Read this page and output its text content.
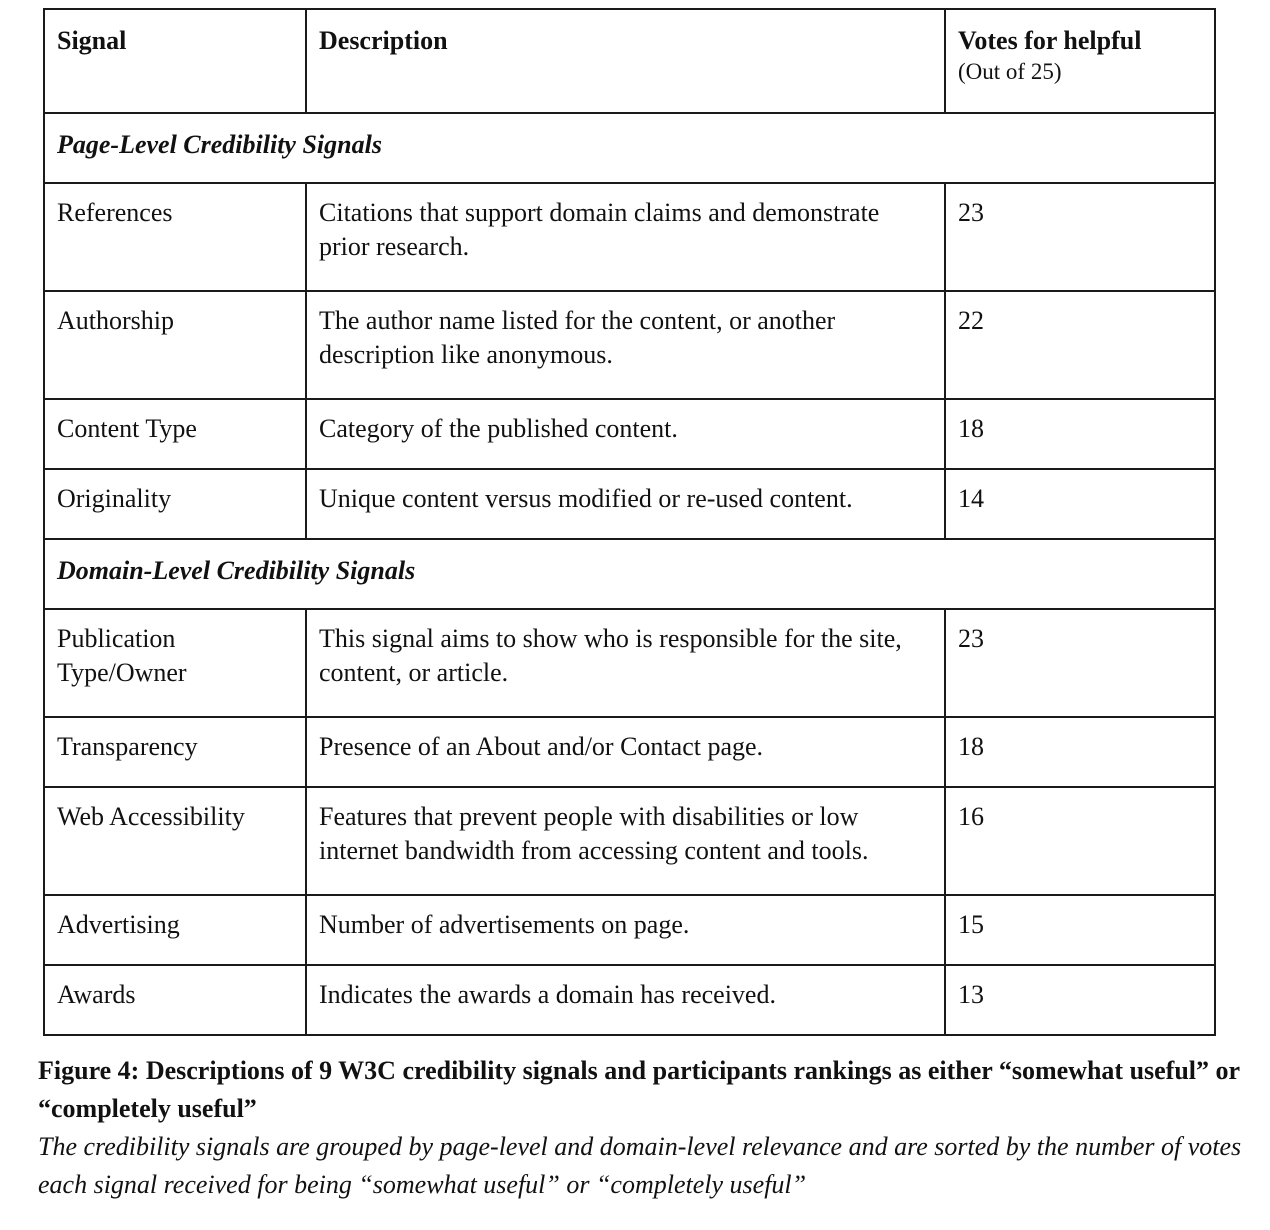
Signal	Description	Votes for helpful
(Out of 25)

Page-Level Credibility Signals		
References	Citations that support domain claims and demonstrate prior research.	23
Authorship	The author name listed for the content, or another description like anonymous.	22
Content Type	Category of the published content.	18
Originality	Unique content versus modified or re-used content.	14
Domain-Level Credibility Signals		
Publication Type/Owner	This signal aims to show who is responsible for the site, content, or article.	23
Transparency	Presence of an About and/or Contact page.	18
Web Accessibility	Features that prevent people with disabilities or low internet bandwidth from accessing content and tools.	16
Advertising	Number of advertisements on page.	15
Awards	Indicates the awards a domain has received.	13

Figure 4: Descriptions of 9 W3C credibility signals and participants rankings as either “somewhat useful” or “completely useful”

The credibility signals are grouped by page-level and domain-level relevance and are sorted by the number of votes each signal received for being “somewhat useful” or “completely useful”
